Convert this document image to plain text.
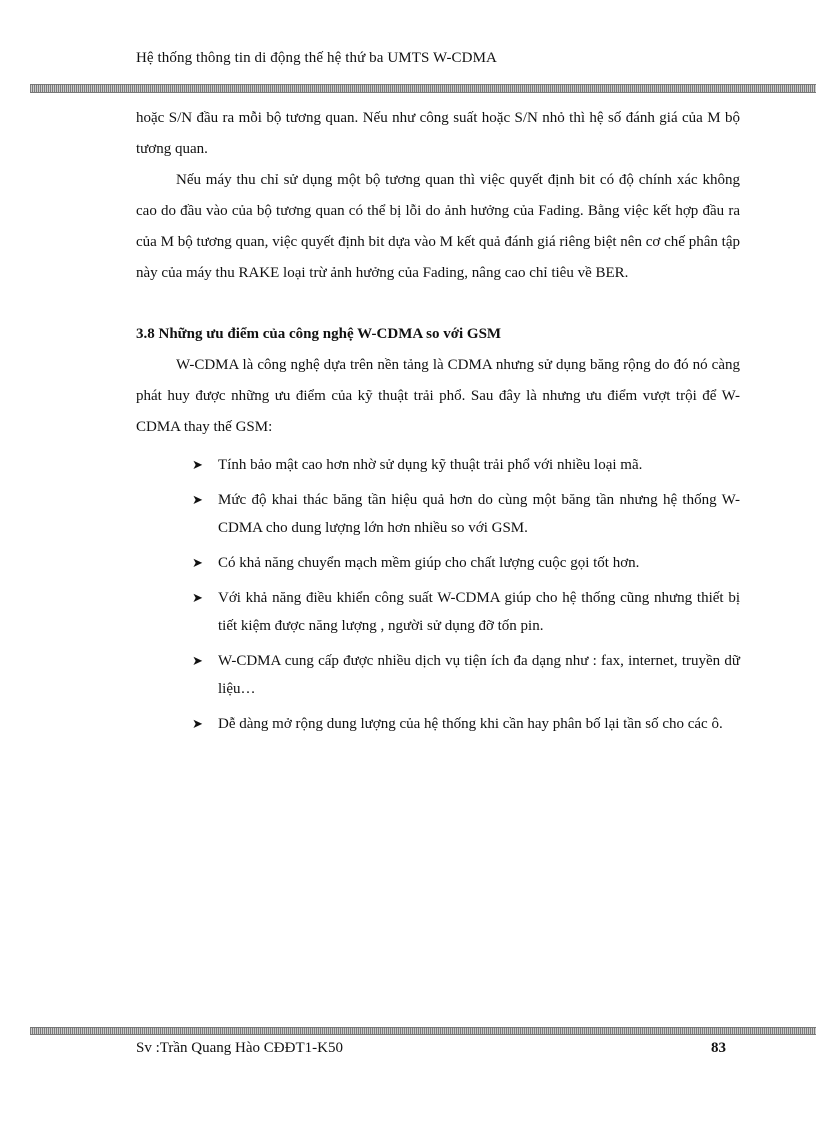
Hệ thống thông tin di động thế hệ thứ ba UMTS W-CDMA

hoặc S/N đầu ra mỗi bộ tương quan. Nếu như công suất hoặc S/N nhỏ thì hệ số đánh giá của M bộ tương quan.

Nếu máy thu chỉ sử dụng một bộ tương quan thì việc quyết định bit có độ chính xác không cao do đầu vào của bộ tương quan có thể bị lỗi do ảnh hưởng của Fading. Bằng việc kết hợp đầu ra của M bộ tương quan, việc quyết định bit dựa vào M kết quả đánh giá riêng biệt nên cơ chế phân tập này của máy thu RAKE loại trừ ảnh hưởng của Fading, nâng cao chỉ tiêu về BER.

3.8 Những ưu điểm của công nghệ W-CDMA so với GSM

W-CDMA là công nghệ dựa trên nền tảng là CDMA nhưng sử dụng băng rộng do đó nó càng phát huy được những ưu điểm của kỹ thuật trải phổ. Sau đây là nhưng ưu điểm vượt trội để W-CDMA thay thế GSM:

➤ Tính bảo mật cao hơn nhờ sử dụng kỹ thuật trải phổ với nhiều loại mã.
➤ Mức độ khai thác băng tần hiệu quả hơn do cùng một băng tần nhưng hệ thống W-CDMA cho dung lượng lớn hơn nhiều so với GSM.
➤ Có khả năng chuyển mạch mềm giúp cho chất lượng cuộc gọi tốt hơn.
➤ Với khả năng điều khiển công suất W-CDMA giúp cho hệ thống cũng nhưng thiết bị tiết kiệm được năng lượng , người sử dụng đỡ tốn pin.
➤ W-CDMA cung cấp được nhiều dịch vụ tiện ích đa dạng như : fax, internet, truyền dữ liệu…
➤ Dễ dàng mở rộng dung lượng của hệ thống khi cần hay phân bố lại tần số cho các ô.
Sv :Trần Quang Hào CĐĐT1-K50	83
